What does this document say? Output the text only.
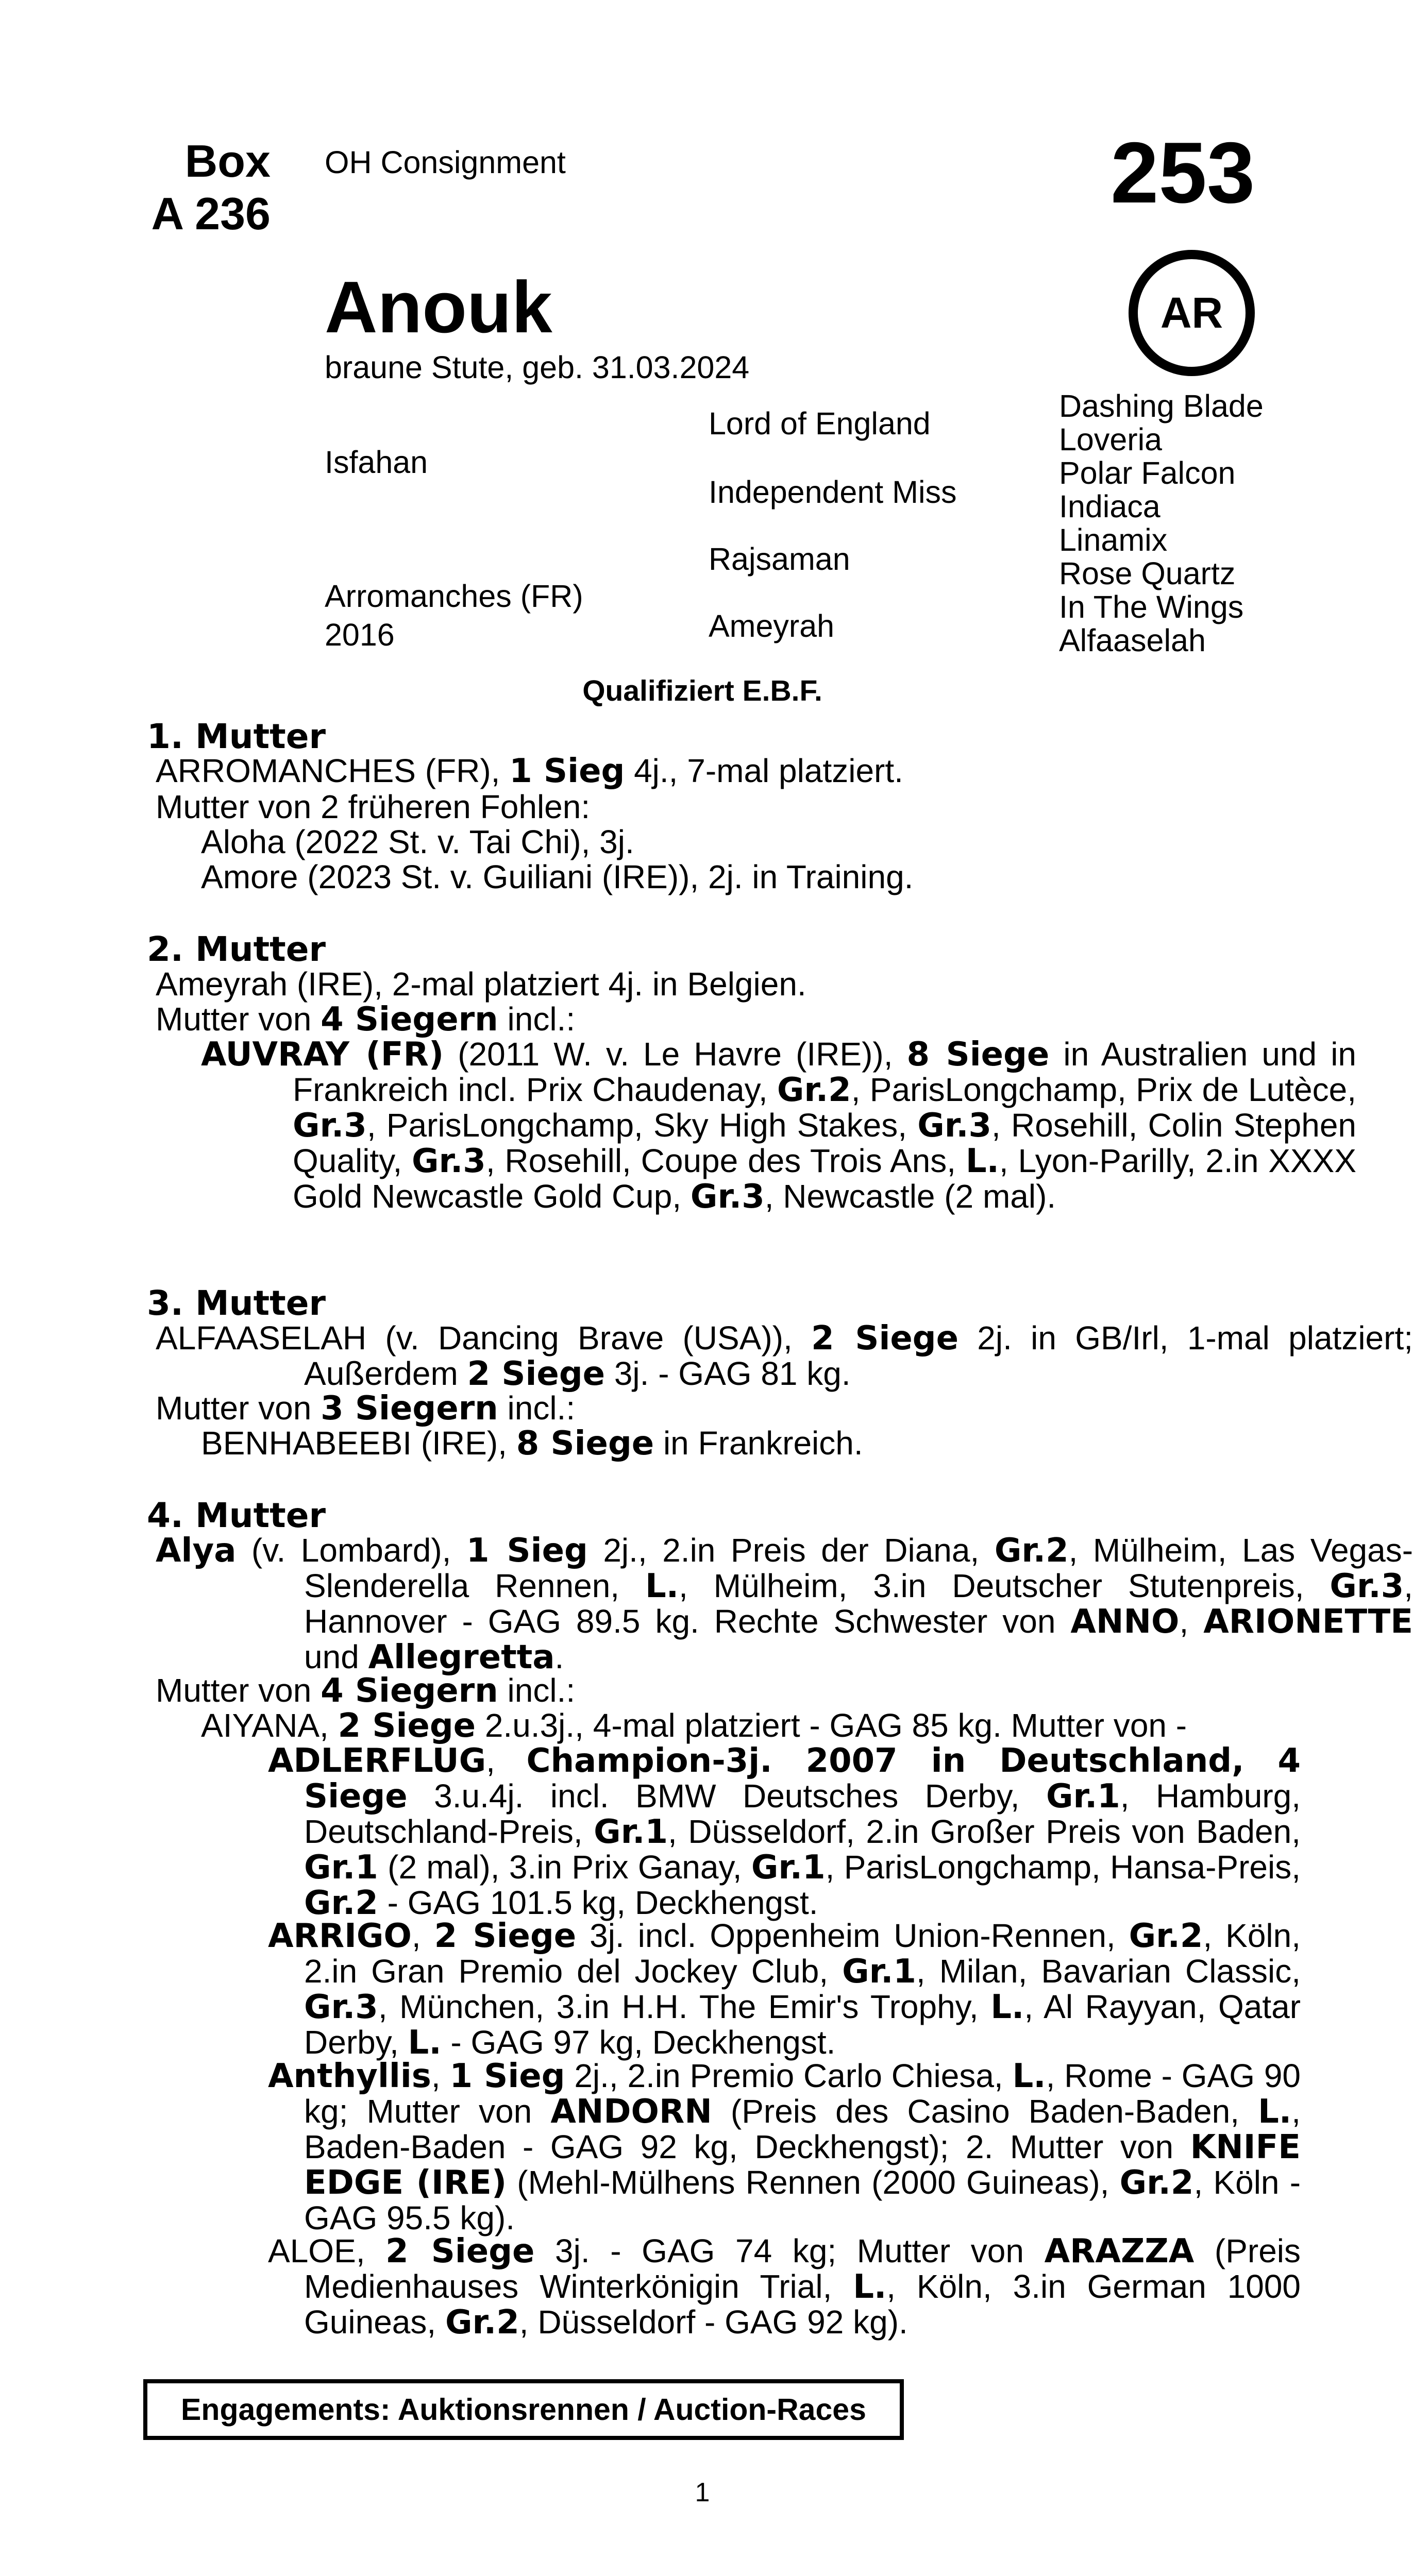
Box
A 236
OH Consignment	253
AR
Anouk
braune Stute, geb. 31.03.2024
Isfahan
Arromanches (FR)
2016
Lord of England
Independent Miss
Rajsaman
Ameyrah
Dashing Blade
Loveria
Polar Falcon
Indiaca
Linamix
Rose Quartz
In The Wings
Alfaaselah
Qualifiziert E.B.F.
1. Mutter
ARROMANCHES (FR), 1 Sieg 4j., 7-mal platziert.
Mutter von 2 früheren Fohlen:
Aloha (2022 St. v. Tai Chi), 3j.
Amore (2023 St. v. Guiliani (IRE)), 2j. in Training.
2. Mutter
Ameyrah (IRE), 2-mal platziert 4j. in Belgien.
Mutter von 4 Siegern incl.:
AUVRAY (FR) (2011 W. v. Le Havre (IRE)), 8 Siege in Australien und in Frankreich incl. Prix Chaudenay, Gr.2, ParisLongchamp, Prix de Lutèce, Gr.3, ParisLongchamp, Sky High Stakes, Gr.3, Rosehill, Colin Stephen Quality, Gr.3, Rosehill, Coupe des Trois Ans, L., Lyon-Parilly, 2.in XXXX Gold Newcastle Gold Cup, Gr.3, Newcastle (2 mal).
3. Mutter
ALFAASELAH (v. Dancing Brave (USA)), 2 Siege 2j. in GB/Irl, 1-mal platziert; Außerdem 2 Siege 3j. - GAG 81 kg.
Mutter von 3 Siegern incl.:
BENHABEEBI (IRE), 8 Siege in Frankreich.
4. Mutter
Alya (v. Lombard), 1 Sieg 2j., 2.in Preis der Diana, Gr.2, Mülheim, Las Vegas-Slenderella Rennen, L., Mülheim, 3.in Deutscher Stutenpreis, Gr.3, Hannover - GAG 89.5 kg. Rechte Schwester von ANNO, ARIONETTE und Allegretta.
Mutter von 4 Siegern incl.:
AIYANA, 2 Siege 2.u.3j., 4-mal platziert - GAG 85 kg. Mutter von -
ADLERFLUG, Champion-3j. 2007 in Deutschland, 4 Siege 3.u.4j. incl. BMW Deutsches Derby, Gr.1, Hamburg, Deutschland-Preis, Gr.1, Düsseldorf, 2.in Großer Preis von Baden, Gr.1 (2 mal), 3.in Prix Ganay, Gr.1, ParisLongchamp, Hansa-Preis, Gr.2 - GAG 101.5 kg, Deckhengst.
ARRIGO, 2 Siege 3j. incl. Oppenheim Union-Rennen, Gr.2, Köln, 2.in Gran Premio del Jockey Club, Gr.1, Milan, Bavarian Classic, Gr.3, München, 3.in H.H. The Emir's Trophy, L., Al Rayyan, Qatar Derby, L. - GAG 97 kg, Deckhengst.
Anthyllis, 1 Sieg 2j., 2.in Premio Carlo Chiesa, L., Rome - GAG 90 kg; Mutter von ANDORN (Preis des Casino Baden-Baden, L., Baden-Baden - GAG 92 kg, Deckhengst); 2. Mutter von KNIFE EDGE (IRE) (Mehl-Mülhens Rennen (2000 Guineas), Gr.2, Köln - GAG 95.5 kg).
ALOE, 2 Siege 3j. - GAG 74 kg; Mutter von ARAZZA (Preis Medienhauses Winterkönigin Trial, L., Köln, 3.in German 1000 Guineas, Gr.2, Düsseldorf - GAG 92 kg).
Engagements: Auktionsrennen / Auction-Races
1
